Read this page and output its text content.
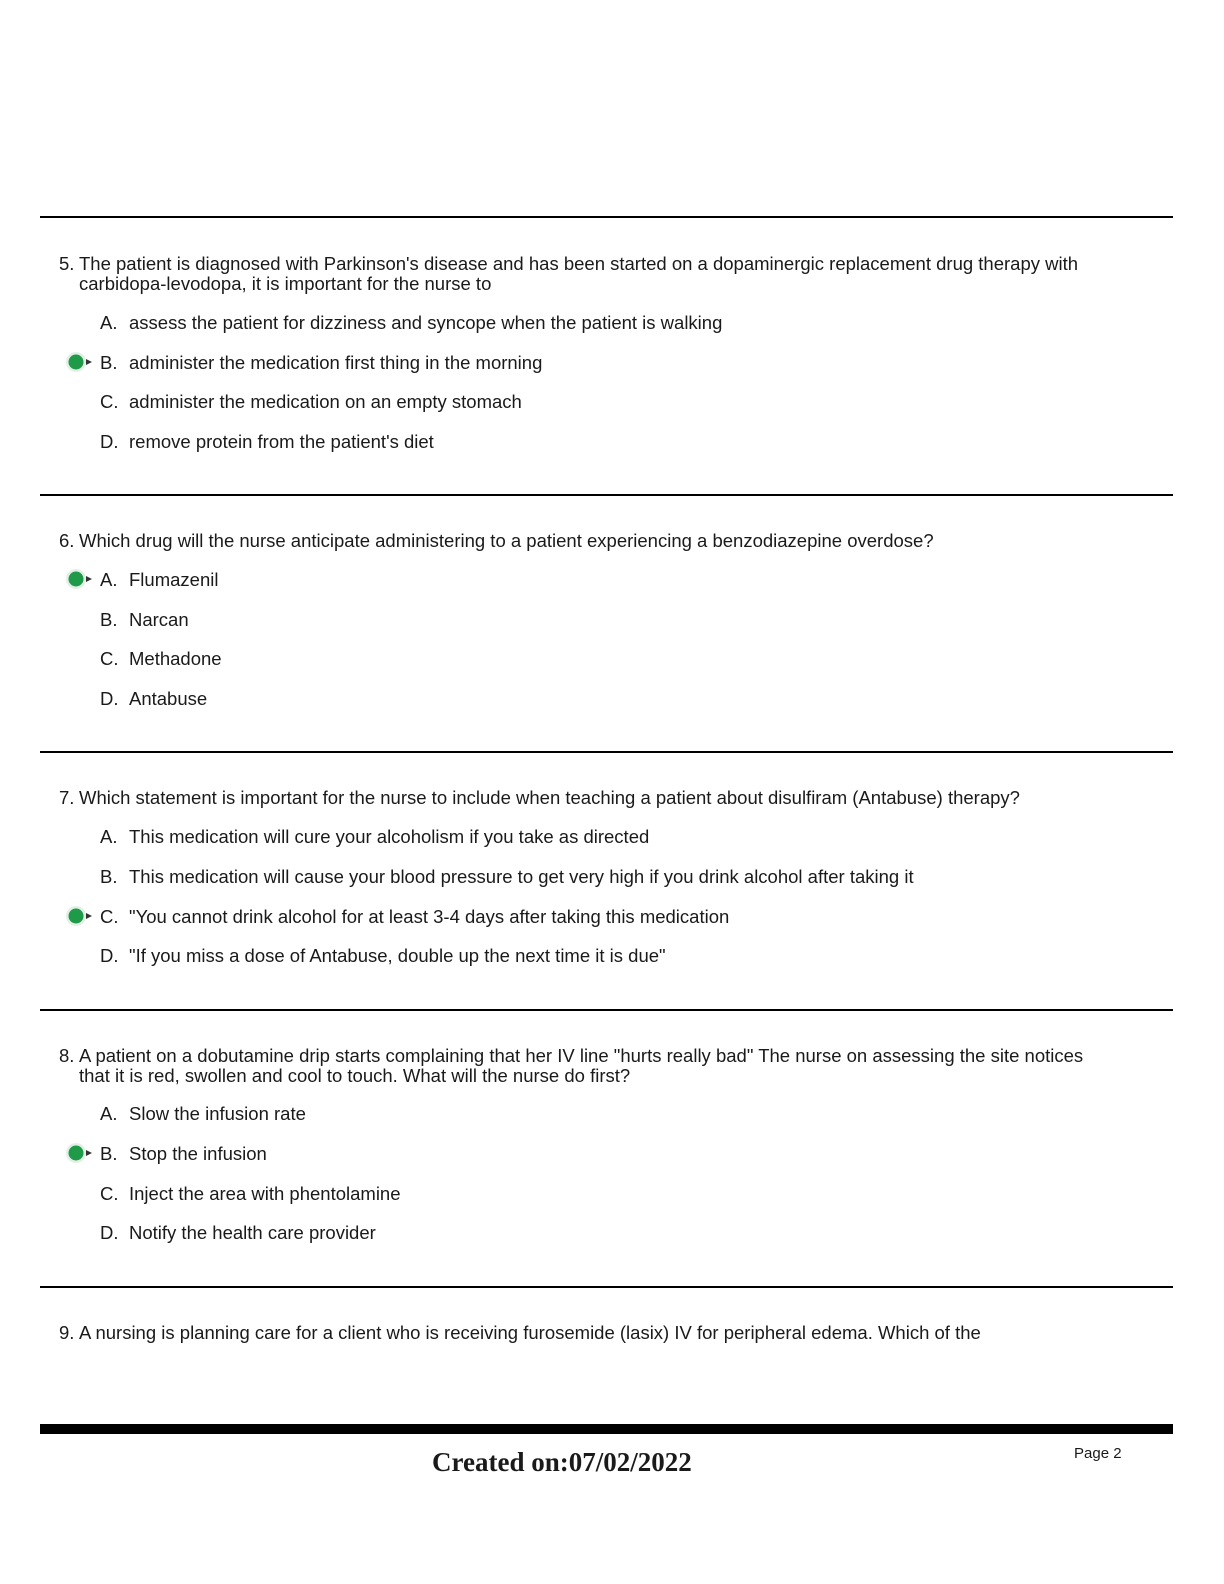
5. The patient is diagnosed with Parkinson's disease and has been started on a dopaminergic replacement drug therapy with carbidopa-levodopa, it is important for the nurse to
A. assess the patient for dizziness and syncope when the patient is walking
B. administer the medication first thing in the morning
C. administer the medication on an empty stomach
D. remove protein from the patient's diet
6. Which drug will the nurse anticipate administering to a patient experiencing a benzodiazepine overdose?
A. Flumazenil
B. Narcan
C. Methadone
D. Antabuse
7. Which statement is important for the nurse to include when teaching a patient about disulfiram (Antabuse) therapy?
A. This medication will cure your alcoholism if you take as directed
B. This medication will cause your blood pressure to get very high if you drink alcohol after taking it
C. "You cannot drink alcohol for at least 3-4 days after taking this medication
D. "If you miss a dose of Antabuse, double up the next time it is due"
8. A patient on a dobutamine drip starts complaining that her IV line "hurts really bad" The nurse on assessing the site notices that it is red, swollen and cool to touch. What will the nurse do first?
A. Slow the infusion rate
B. Stop the infusion
C. Inject the area with phentolamine
D. Notify the health care provider
9. A nursing is planning care for a client who is receiving furosemide (lasix) IV for peripheral edema. Which of the
Created on:07/02/2022	Page 2
